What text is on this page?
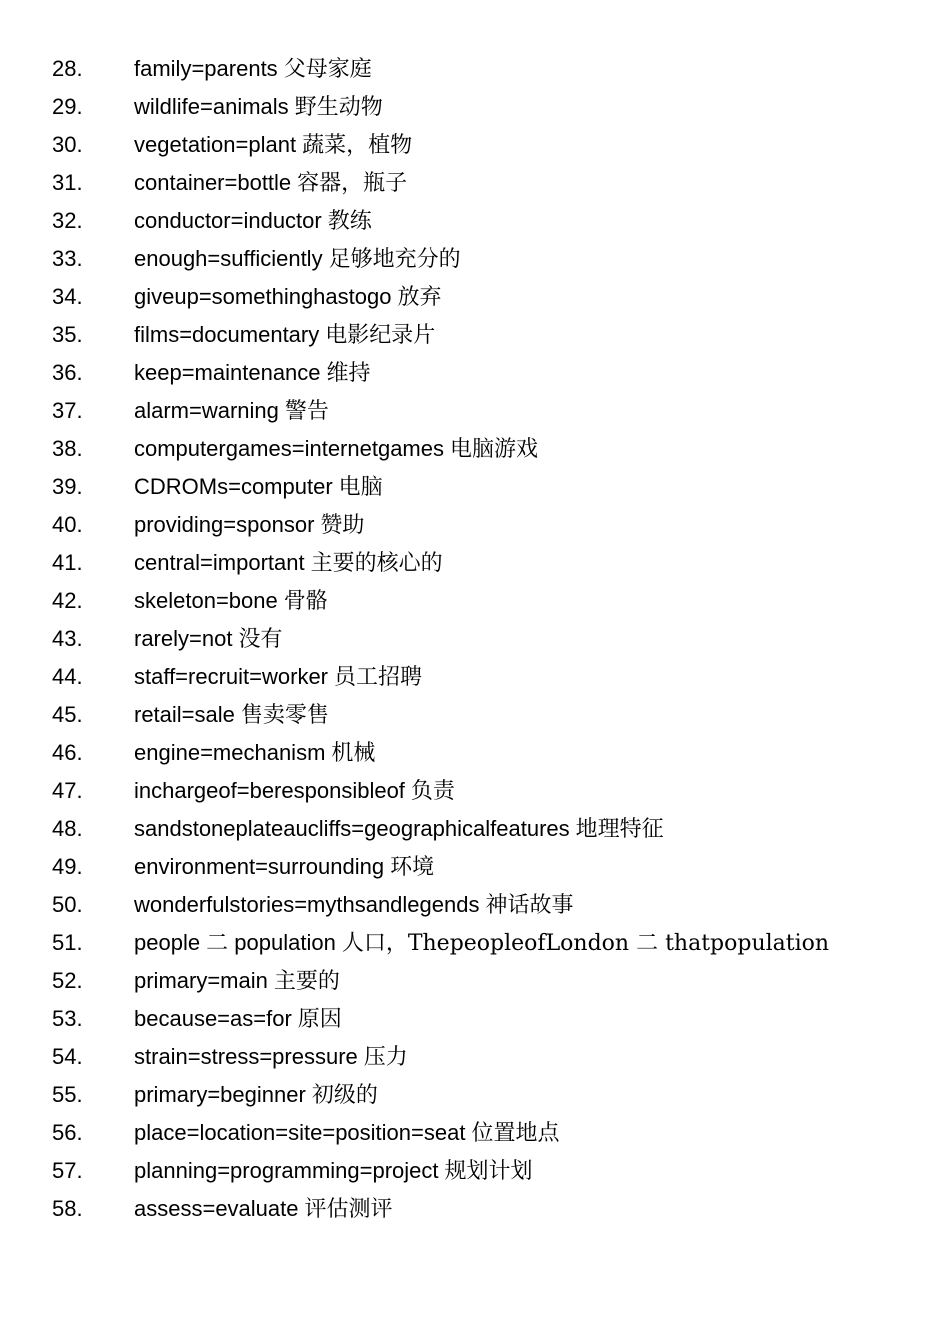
28. family=parents 父母家庭
29. wildlife=animals 野生动物
30. vegetation=plant 蔬菜，植物
31. container=bottle 容器，瓶子
32. conductor=inductor 教练
33. enough=sufficiently 足够地充分的
34. giveup=somethinghastogo 放弃
35. films=documentary 电影纪录片
36. keep=maintenance 维持
37. alarm=warning 警告
38. computergames=internetgames 电脑游戏
39. CDROMs=computer 电脑
40. providing=sponsor 赞助
41. central=important 主要的核心的
42. skeleton=bone 骨骼
43. rarely=not 没有
44. staff=recruit=worker 员工招聘
45. retail=sale 售卖零售
46. engine=mechanism 机械
47. inchargeof=beresponsibleof 负责
48. sandstoneplateaucliffs=geographicalfeatures 地理特征
49. environment=surrounding 环境
50. wonderfulstories=mythsandlegends 神话故事
51. people 二 population 人口，ThepeopleofLondon 二 thatpopulation
52. primary=main 主要的
53. because=as=for 原因
54. strain=stress=pressure 压力
55. primary=beginner 初级的
56. place=location=site=position=seat 位置地点
57. planning=programming=project 规划计划
58. assess=evaluate 评估测评
